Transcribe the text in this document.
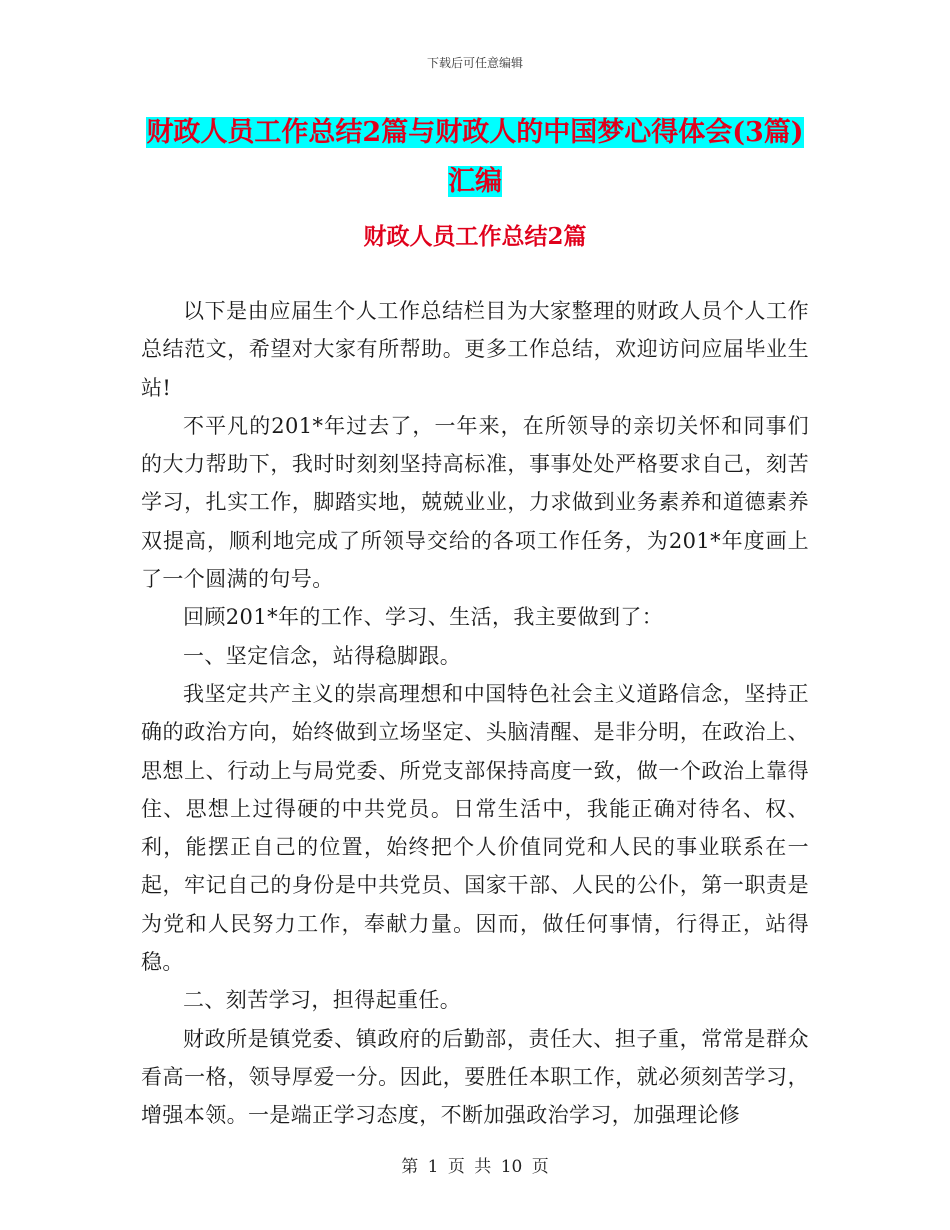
下载后可任意编辑
财政人员工作总结2篇与财政人的中国梦心得体会(3篇)汇编
财政人员工作总结2篇

以下是由应届生个人工作总结栏目为大家整理的财政人员个人工作总结范文，希望对大家有所帮助。更多工作总结，欢迎访问应届毕业生站!

不平凡的201*年过去了，一年来，在所领导的亲切关怀和同事们的大力帮助下，我时时刻刻坚持高标准，事事处处严格要求自己，刻苦学习，扎实工作，脚踏实地，兢兢业业，力求做到业务素养和道德素养双提高，顺利地完成了所领导交给的各项工作任务，为201*年度画上了一个圆满的句号。

回顾201*年的工作、学习、生活，我主要做到了：

一、坚定信念，站得稳脚跟。

我坚定共产主义的崇高理想和中国特色社会主义道路信念，坚持正确的政治方向，始终做到立场坚定、头脑清醒、是非分明，在政治上、思想上、行动上与局党委、所党支部保持高度一致，做一个政治上靠得住、思想上过得硬的中共党员。日常生活中，我能正确对待名、权、利，能摆正自己的位置，始终把个人价值同党和人民的事业联系在一起，牢记自己的身份是中共党员、国家干部、人民的公仆，第一职责是为党和人民努力工作，奉献力量。因而，做任何事情，行得正，站得稳。

二、刻苦学习，担得起重任。

财政所是镇党委、镇政府的后勤部，责任大、担子重，常常是群众看高一格，领导厚爱一分。因此，要胜任本职工作，就必须刻苦学习，增强本领。一是端正学习态度，不断加强政治学习，加强理论修

第 1 页 共 10 页
